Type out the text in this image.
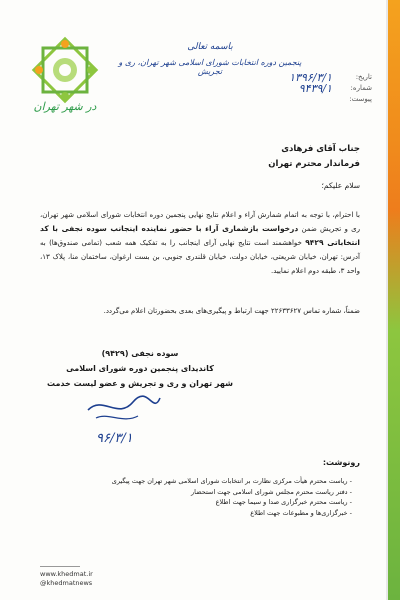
در شهر تهران
باسمه تعالی
پنجمین دوره انتخابات شورای اسلامی شهر تهران، ری و تجریش
تاریخ:
۱۳۹۶/۳/۱
شماره:
۹۴۳۹/۱
پیوست:
جناب آقای فرهادی
فرماندار محترم تهران
سلام علیکم؛
با احترام، با توجه به اتمام شمارش آراء و اعلام نتایج نهایی پنجمین دوره انتخابات شورای اسلامی شهر تهران، ری و تجریش ضمن درخواست بازشماری آراء با حضور نماینده اینجانب سوده نجفی با کد انتخاباتی ۹۴۲۹ خواهشمند است نتایج نهایی آرای اینجانب را به تفکیک همه شعب (تمامی صندوق‌ها) به آدرس: تهران، خیابان شریعتی، خیابان دولت، خیابان قلندری جنوبی، بن بست ارغوان، ساختمان منا، پلاک ۱۳، واحد ۳، طبقه دوم اعلام نمایید.
ضمناً، شماره تماس ۲۲۶۳۳۶۲۷ جهت ارتباط و پیگیری‌های بعدی بحضورتان اعلام می‌گردد.
سوده نجفی (۹۴۲۹)
کاندیدای پنجمین دوره شورای اسلامی
شهر تهران و ری و تجریش و عضو لیست خدمت
۹۶/۳/۱
رونوشت:
- ریاست محترم هیأت مرکزی نظارت بر انتخابات شورای اسلامی شهر تهران جهت پیگیری
- دفتر ریاست محترم مجلس شورای اسلامی جهت استحضار
- ریاست محترم خبرگزاری صدا و سیما جهت اطلاع
- خبرگزاری‌ها و مطبوعات جهت اطلاع
www.khedmat.ir
@khedmatnews
